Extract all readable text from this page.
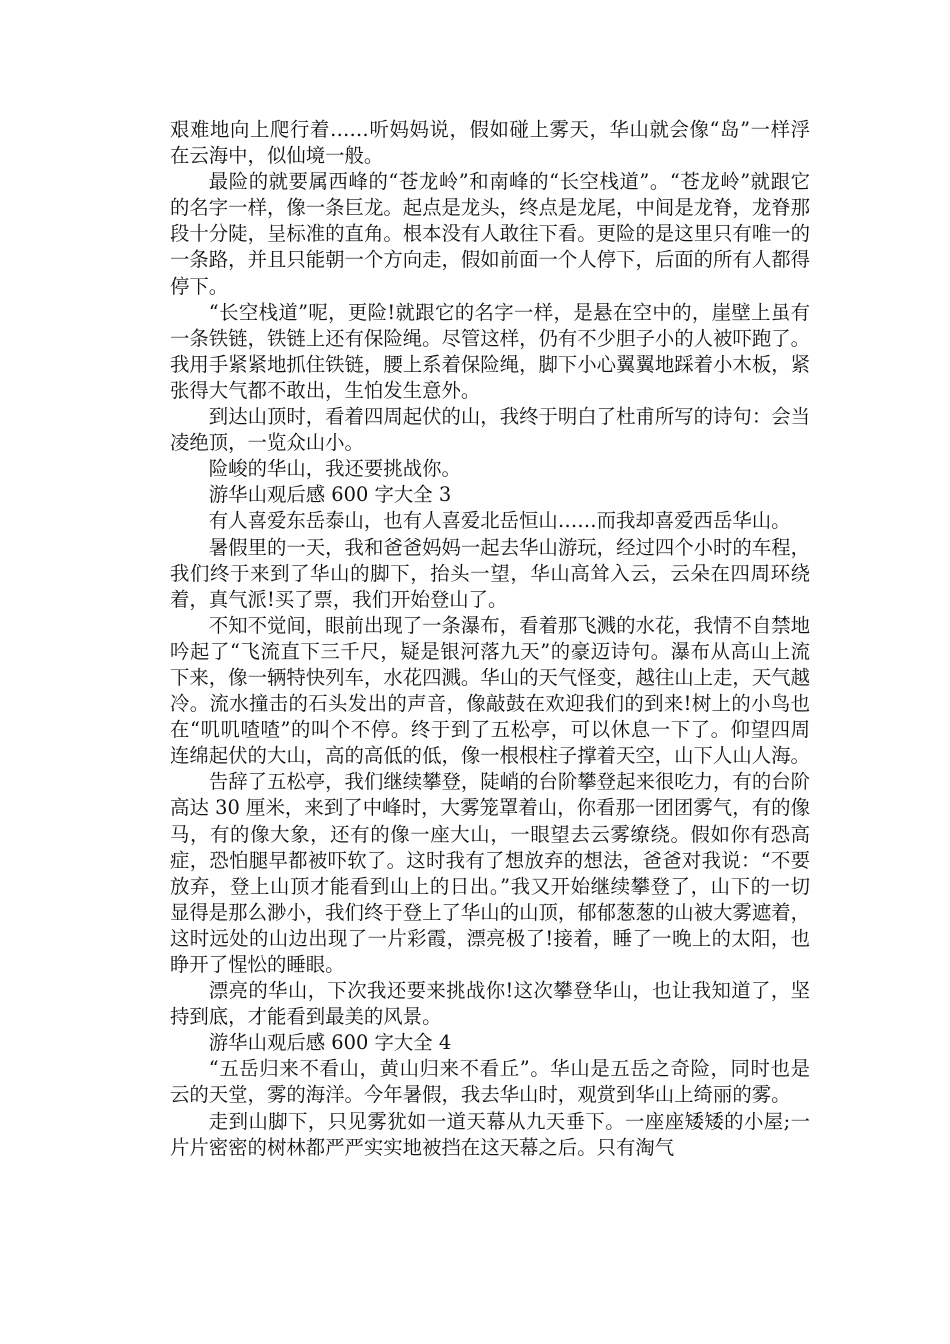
艰难地向上爬行着……听妈妈说，假如碰上雾天，华山就会像“岛”一样浮在云海中，似仙境一般。

最险的就要属西峰的“苍龙岭”和南峰的“长空栈道”。“苍龙岭”就跟它的名字一样，像一条巨龙。起点是龙头，终点是龙尾，中间是龙脊，龙脊那段十分陡，呈标准的直角。根本没有人敢往下看。更险的是这里只有唯一的一条路，并且只能朝一个方向走，假如前面一个人停下，后面的所有人都得停下。

“长空栈道”呢，更险!就跟它的名字一样，是悬在空中的，崖壁上虽有一条铁链，铁链上还有保险绳。尽管这样，仍有不少胆子小的人被吓跑了。我用手紧紧地抓住铁链，腰上系着保险绳，脚下小心翼翼地踩着小木板，紧张得大气都不敢出，生怕发生意外。

到达山顶时，看着四周起伏的山，我终于明白了杜甫所写的诗句：会当凌绝顶，一览众山小。

险峻的华山，我还要挑战你。

游华山观后感 600 字大全 3

有人喜爱东岳泰山，也有人喜爱北岳恒山……而我却喜爱西岳华山。

暑假里的一天，我和爸爸妈妈一起去华山游玩，经过四个小时的车程，我们终于来到了华山的脚下，抬头一望，华山高耸入云，云朵在四周环绕着，真气派!买了票，我们开始登山了。

不知不觉间，眼前出现了一条瀑布，看着那飞溅的水花，我情不自禁地吟起了“飞流直下三千尺，疑是银河落九天”的豪迈诗句。瀑布从高山上流下来，像一辆特快列车，水花四溅。华山的天气怪变，越往山上走，天气越冷。流水撞击的石头发出的声音，像敲鼓在欢迎我们的到来!树上的小鸟也在“叽叽喳喳”的叫个不停。终于到了五松亭，可以休息一下了。仰望四周连绵起伏的大山，高的高低的低，像一根根柱子撑着天空，山下人山人海。

告辞了五松亭，我们继续攀登，陡峭的台阶攀登起来很吃力，有的台阶高达 30 厘米，来到了中峰时，大雾笼罩着山，你看那一团团雾气，有的像马，有的像大象，还有的像一座大山，一眼望去云雾缭绕。假如你有恐高症，恐怕腿早都被吓软了。这时我有了想放弃的想法，爸爸对我说：“不要放弃，登上山顶才能看到山上的日出。”我又开始继续攀登了，山下的一切显得是那么渺小，我们终于登上了华山的山顶，郁郁葱葱的山被大雾遮着，这时远处的山边出现了一片彩霞，漂亮极了!接着，睡了一晚上的太阳，也睁开了惺忪的睡眼。

漂亮的华山，下次我还要来挑战你!这次攀登华山，也让我知道了，坚持到底，才能看到最美的风景。

游华山观后感 600 字大全 4

“五岳归来不看山，黄山归来不看丘”。华山是五岳之奇险，同时也是云的天堂，雾的海洋。今年暑假，我去华山时，观赏到华山上绮丽的雾。

走到山脚下，只见雾犹如一道天幕从九天垂下。一座座矮矮的小屋;一片片密密的树林都严严实实地被挡在这天幕之后。只有淘气
